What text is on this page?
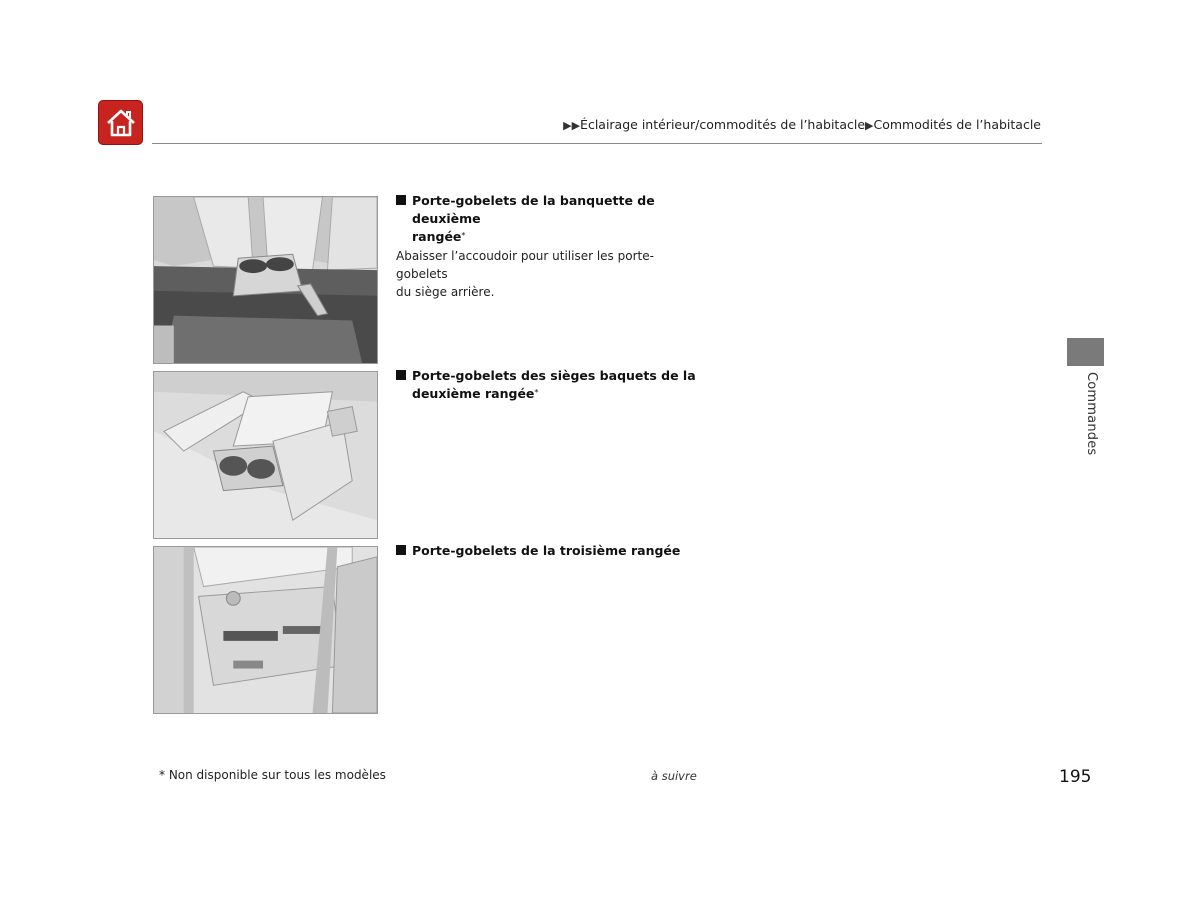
▶▶Éclairage intérieur/commodités de l’habitacle▶Commodités de l’habitacle
Porte-gobelets de la banquette de deuxième
rangée*
Abaisser l’accoudoir pour utiliser les porte-gobelets
du siège arrière.
Porte-gobelets des sièges baquets de la
deuxième rangée*
Porte-gobelets de la troisième rangée
Commandes
* Non disponible sur tous les modèles	à suivre	195
